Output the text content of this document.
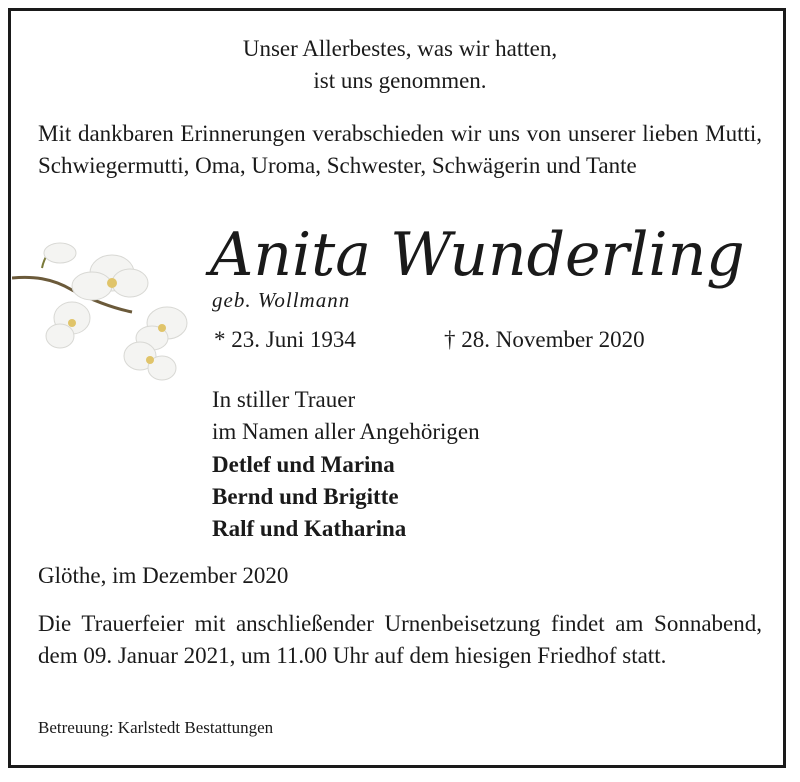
Unser Allerbestes, was wir hatten,

ist uns genommen.

Mit dankbaren Erinnerungen verabschieden wir uns von unserer lieben Mutti, Schwiegermutti, Oma, Uroma, Schwester, Schwägerin und Tante

Anita Wunderling

geb. Wollmann

* 23. Juni 1934	† 28. November 2020

In stiller Trauer

im Namen aller Angehörigen

Detlef und Marina

Bernd und Brigitte

Ralf und Katharina

Glöthe, im Dezember 2020

Die Trauerfeier mit anschließender Urnenbeisetzung findet am Sonnabend, dem 09. Januar 2021, um 11.00 Uhr auf dem hiesigen Friedhof statt.

Betreuung: Karlstedt Bestattungen
